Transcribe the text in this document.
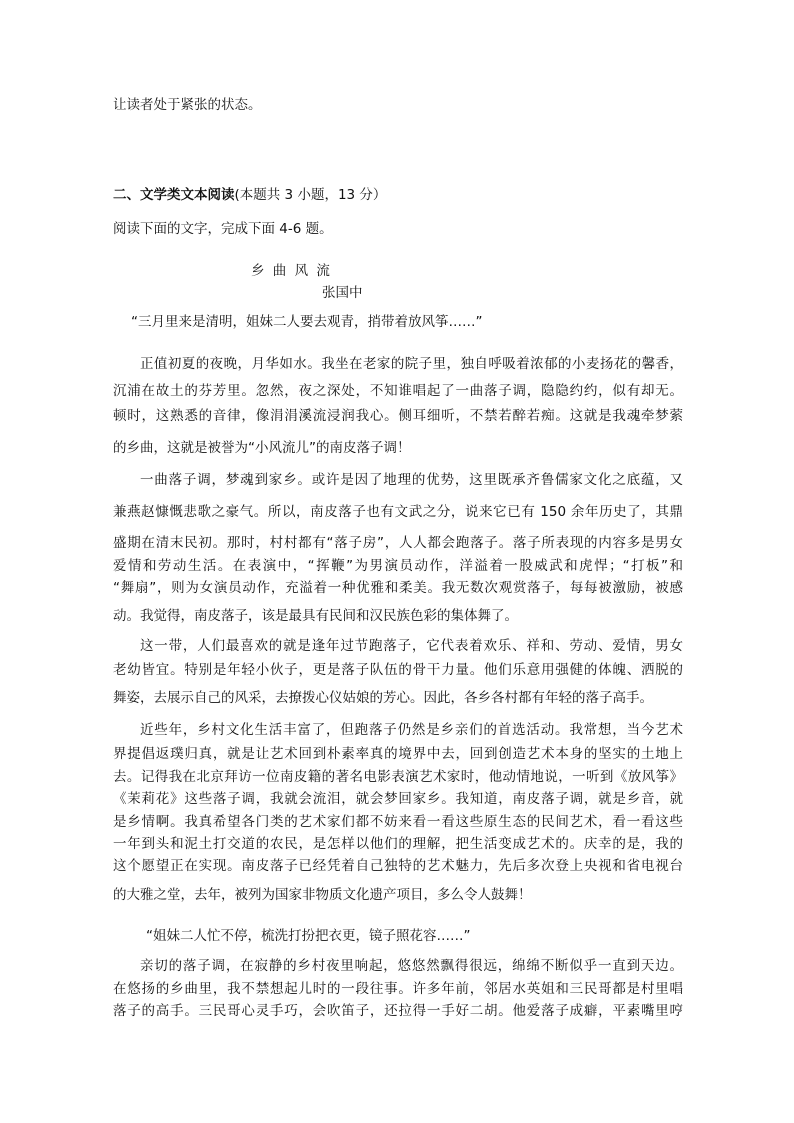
让读者处于紧张的状态。
二、文学类文本阅读(本题共 3 小题，13 分）
阅读下面的文字，完成下面 4-6 题。
乡 曲 风 流
张国中
“三月里来是清明，姐妹二人要去观青，捎带着放风筝……”
正值初夏的夜晚，月华如水。我坐在老家的院子里，独自呼吸着浓郁的小麦扬花的馨香，
沉浦在故土的芬芳里。忽然，夜之深处，不知谁唱起了一曲落子调，隐隐约约，似有却无。
顿时，这熟悉的音律，像涓涓溪流浸润我心。侧耳细听，不禁若醉若痴。这就是我魂牵梦萦
的乡曲，这就是被誉为“小风流儿”的南皮落子调！
一曲落子调，梦魂到家乡。或许是因了地理的优势，这里既承齐鲁儒家文化之底蕴，又
兼燕赵慷慨悲歌之豪气。所以，南皮落子也有文武之分，说来它已有 150 余年历史了，其鼎
盛期在清末民初。那时，村村都有“落子房”，人人都会跑落子。落子所表现的内容多是男女
爱情和劳动生活。在表演中，“挥鞭”为男演员动作，洋溢着一股威武和虎悍；“打板”和
“舞扇”，则为女演员动作，充溢着一种优雅和柔美。我无数次观赏落子，每每被激励，被感
动。我觉得，南皮落子，该是最具有民间和汉民族色彩的集体舞了。
这一带，人们最喜欢的就是逢年过节跑落子，它代表着欢乐、祥和、劳动、爱情，男女
老幼皆宜。特别是年轻小伙子，更是落子队伍的骨干力量。他们乐意用强健的体魄、洒脱的
舞姿，去展示自己的风采，去撩拨心仪姑娘的芳心。因此，各乡各村都有年轻的落子高手。
近些年，乡村文化生活丰富了，但跑落子仍然是乡亲们的首选活动。我常想，当今艺术
界提倡返璞归真，就是让艺术回到朴素率真的境界中去，回到创造艺术本身的坚实的土地上
去。记得我在北京拜访一位南皮籍的著名电影表演艺术家时，他动情地说，一听到《放风筝》
《茉莉花》这些落子调，我就会流泪，就会梦回家乡。我知道，南皮落子调，就是乡音，就
是乡情啊。我真希望各门类的艺术家们都不妨来看一看这些原生态的民间艺术，看一看这些
一年到头和泥土打交道的农民，是怎样以他们的理解，把生活变成艺术的。庆幸的是，我的
这个愿望正在实现。南皮落子已经凭着自己独特的艺术魅力，先后多次登上央视和省电视台
的大雅之堂，去年，被列为国家非物质文化遗产项目，多么令人鼓舞！
“姐妹二人忙不停，梳洗打扮把衣更，镜子照花容……”
亲切的落子调，在寂静的乡村夜里响起，悠悠然飘得很远，绵绵不断似乎一直到天边。
在悠扬的乡曲里，我不禁想起儿时的一段往事。许多年前，邻居水英姐和三民哥都是村里唱
落子的高手。三民哥心灵手巧，会吹笛子，还拉得一手好二胡。他爱落子成癖，平素嘴里哼
